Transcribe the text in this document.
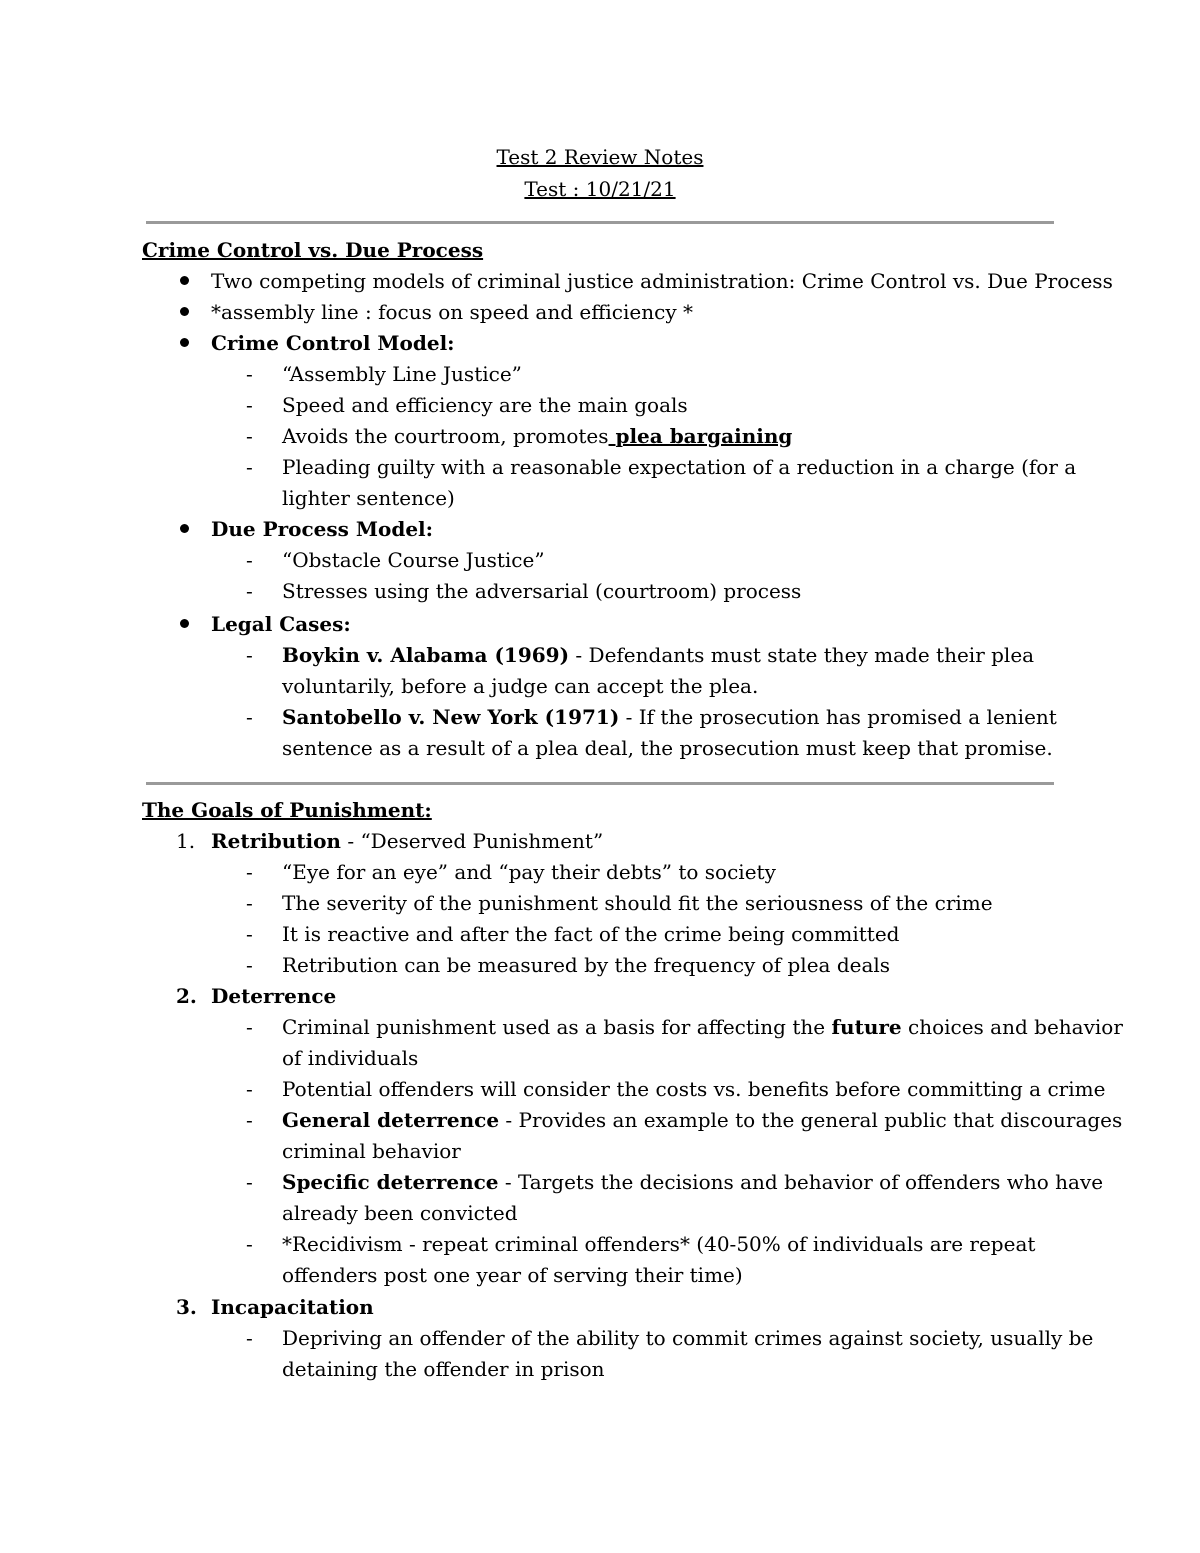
Test 2 Review Notes
Test : 10/21/21
Crime Control vs. Due Process
Two competing models of criminal justice administration: Crime Control vs. Due Process
*assembly line : focus on speed and efficiency *
Crime Control Model:
- “Assembly Line Justice”
- Speed and efficiency are the main goals
- Avoids the courtroom, promotes plea bargaining
- Pleading guilty with a reasonable expectation of a reduction in a charge (for a
lighter sentence)
Due Process Model:
- “Obstacle Course Justice”
- Stresses using the adversarial (courtroom) process
Legal Cases:
- Boykin v. Alabama (1969) - Defendants must state they made their plea
voluntarily, before a judge can accept the plea.
- Santobello v. New York (1971) - If the prosecution has promised a lenient
sentence as a result of a plea deal, the prosecution must keep that promise.
The Goals of Punishment:
1. Retribution - “Deserved Punishment”
- “Eye for an eye” and “pay their debts” to society
- The severity of the punishment should fit the seriousness of the crime
- It is reactive and after the fact of the crime being committed
- Retribution can be measured by the frequency of plea deals
2. Deterrence
- Criminal punishment used as a basis for affecting the future choices and behavior
of individuals
- Potential offenders will consider the costs vs. benefits before committing a crime
- General deterrence - Provides an example to the general public that discourages
criminal behavior
- Specific deterrence - Targets the decisions and behavior of offenders who have
already been convicted
- *Recidivism - repeat criminal offenders* (40-50% of individuals are repeat
offenders post one year of serving their time)
3. Incapacitation
- Depriving an offender of the ability to commit crimes against society, usually be
detaining the offender in prison
